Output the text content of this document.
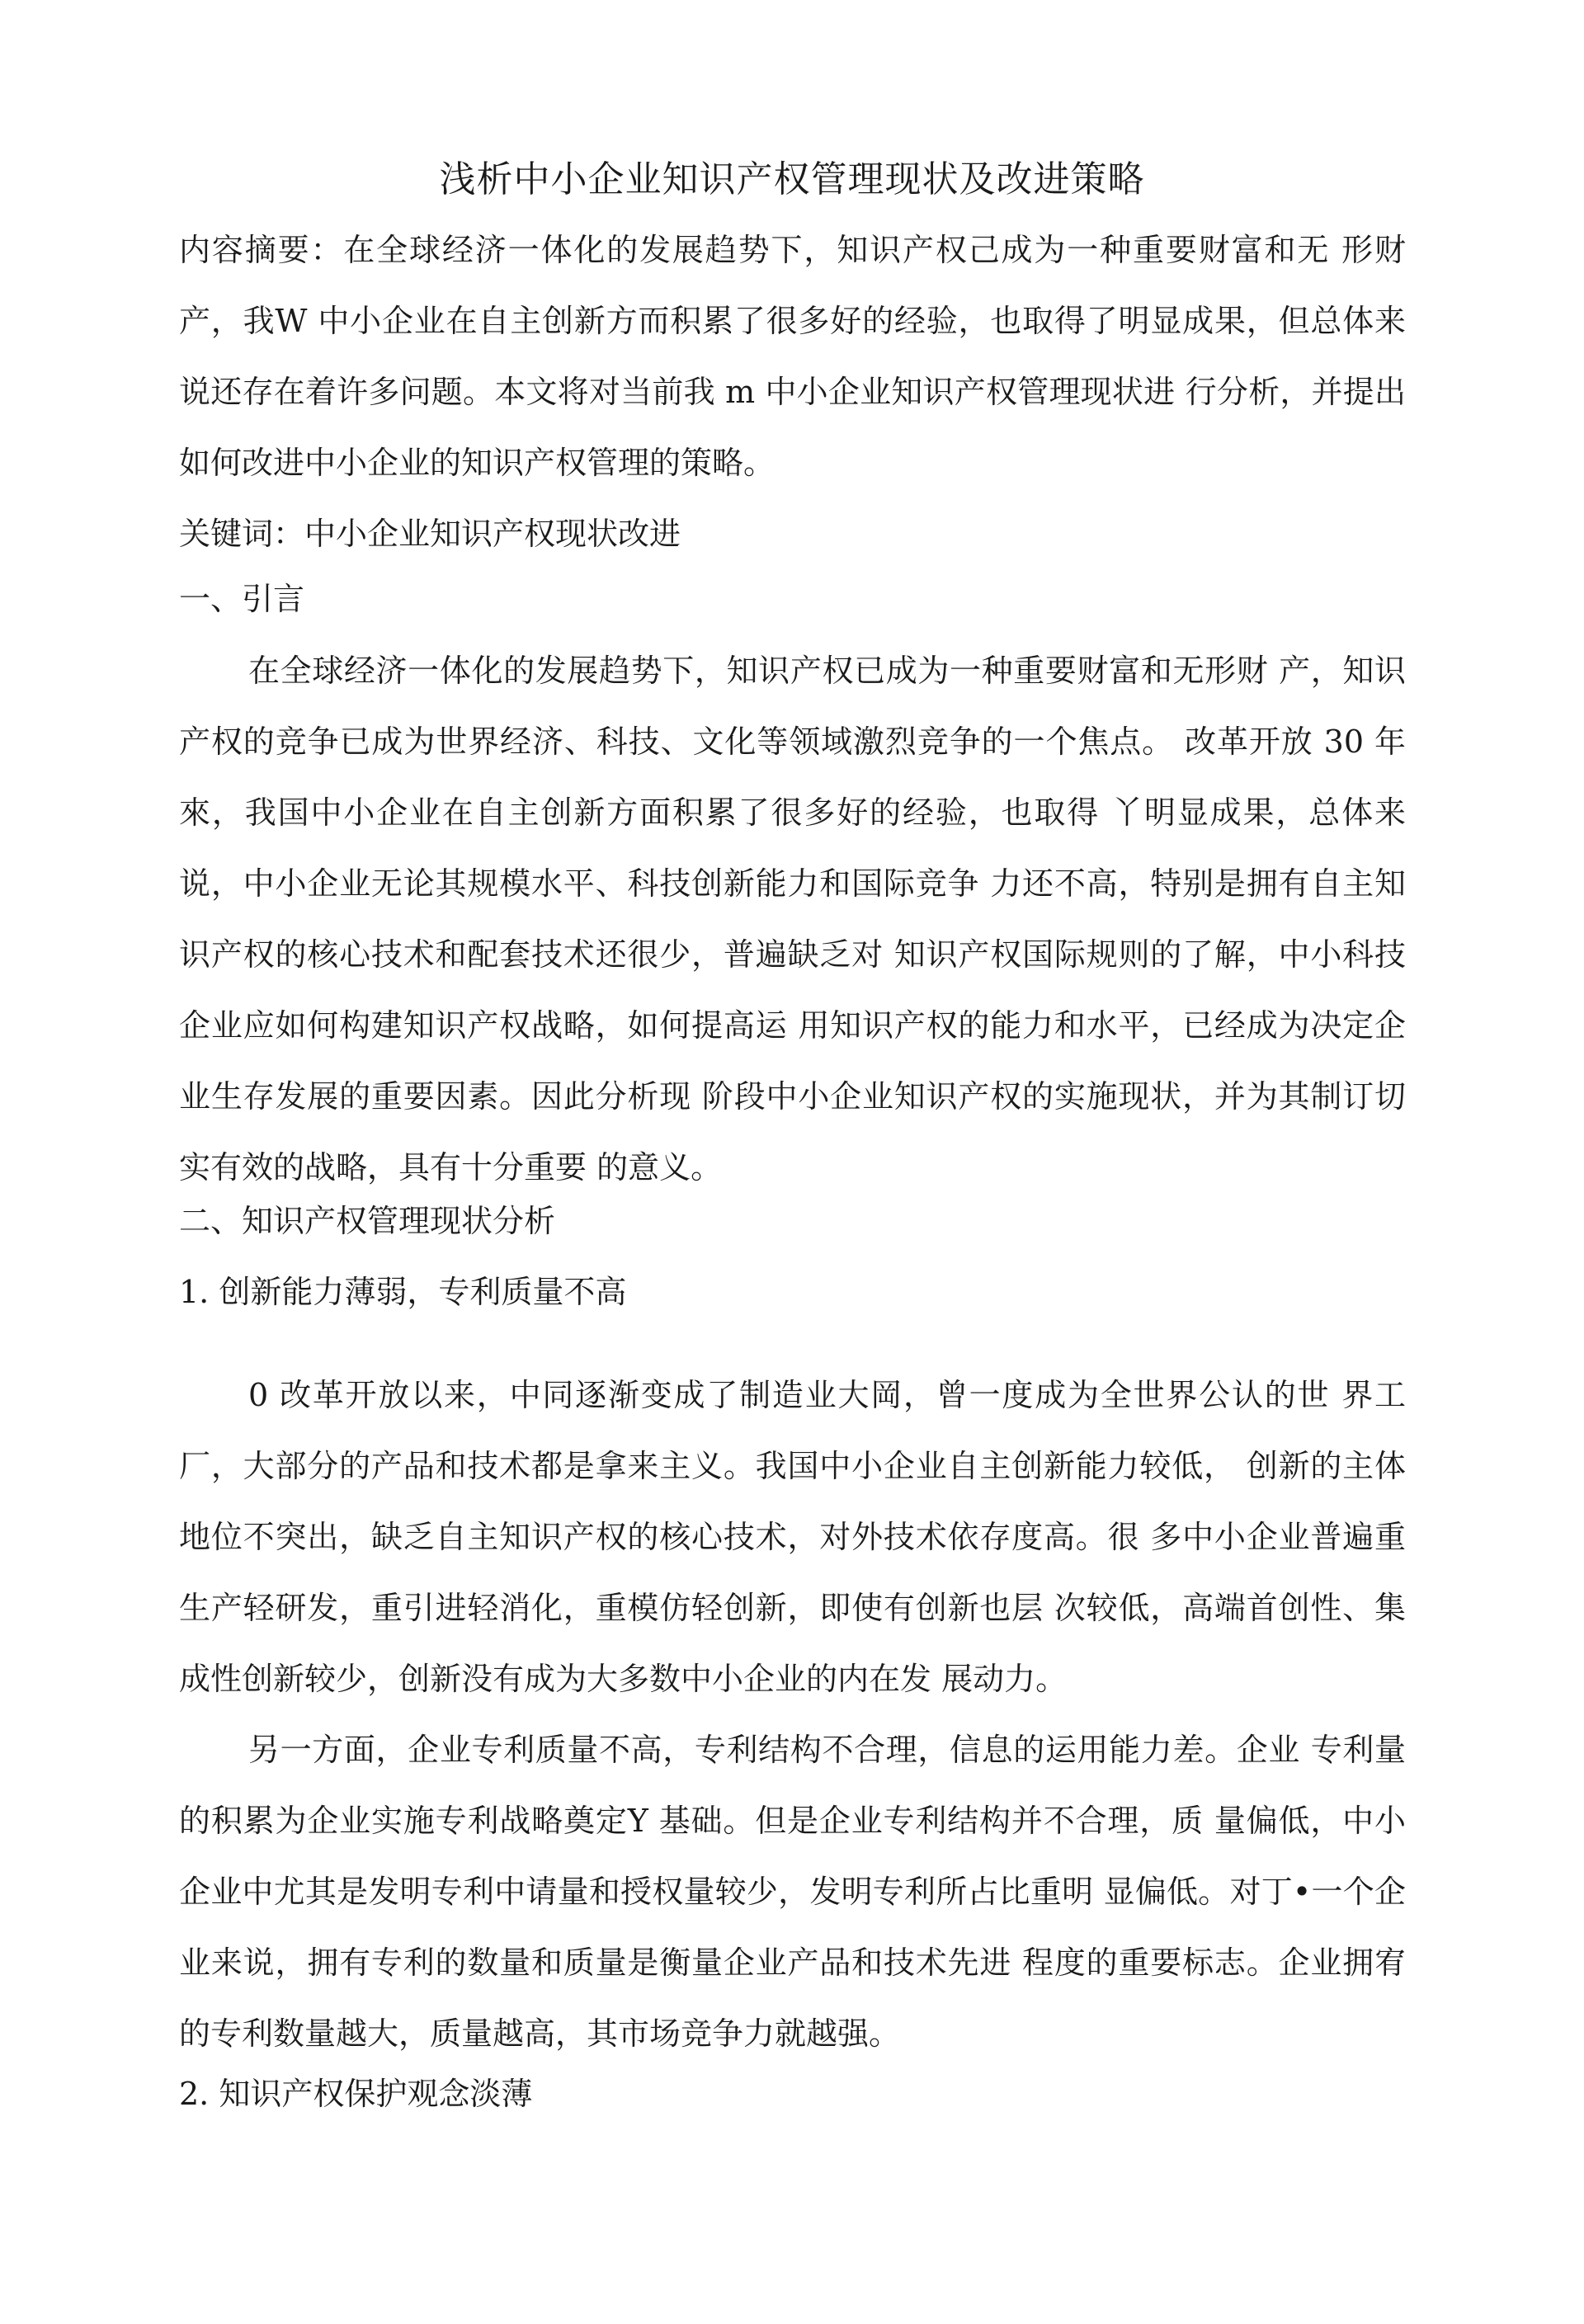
浅析中小企业知识产权管理现状及改进策略

内容摘要：在全球经济一体化的发展趋势下，知识产权己成为一种重要财富和无 形财产，我W 中小企业在自主创新方而积累了很多好的经验，也取得了明显成果，但总体来说还存在着许多问题。本文将对当前我 m 中小企业知识产权管理现状进 行分析，并提出如何改进中小企业的知识产权管理的策略。

关键词：中小企业知识产权现状改进

一、引言

在全球经济一体化的发展趋势下，知识产权已成为一种重要财富和无形财 产，知识产权的竞争已成为世界经济、科技、文化等领域激烈竞争的一个焦点。 改革开放 30 年來，我国中小企业在自主创新方面积累了很多好的经验，也取得 丫明显成果，总体来说，中小企业无论其规模水平、科技创新能力和国际竞争 力还不高，特别是拥有自主知识产权的核心技术和配套技术还很少，普遍缺乏对 知识产权国际规则的了解，中小科技企业应如何构建知识产权战略，如何提高运 用知识产权的能力和水平，已经成为决定企业生存发展的重要因素。因此分析现 阶段中小企业知识产权的实施现状，并为其制订切实有效的战略，具有十分重要 的意义。

二、知识产权管理现状分析
1. 创新能力薄弱，专利质量不高

0 改革开放以来，中同逐渐变成了制造业大岡，曾一度成为全世界公认的世 界工厂，大部分的产品和技术都是拿来主义。我国中小企业自主创新能力较低， 创新的主体地位不突出，缺乏自主知识产权的核心技术，对外技术依存度高。很 多中小企业普遍重生产轻研发，重引进轻消化，重模仿轻创新，即使有创新也层 次较低，高端首创性、集成性创新较少，创新没有成为大多数中小企业的内在发 展动力。

另一方面，企业专利质量不高，专利结构不合理，信息的运用能力差。企业 专利量的积累为企业实施专利战略奠定Y 基础。但是企业专利结构并不合理，质 量偏低，中小企业中尤其是发明专利中请量和授权量较少，发明专利所占比重明 显偏低。对丁•一个企业来说，拥有专利的数量和质量是衡量企业产品和技术先进 程度的重要标志。企业拥宥的专利数量越大，质量越高，其市场竞争力就越强。

2. 知识产权保护观念淡薄
